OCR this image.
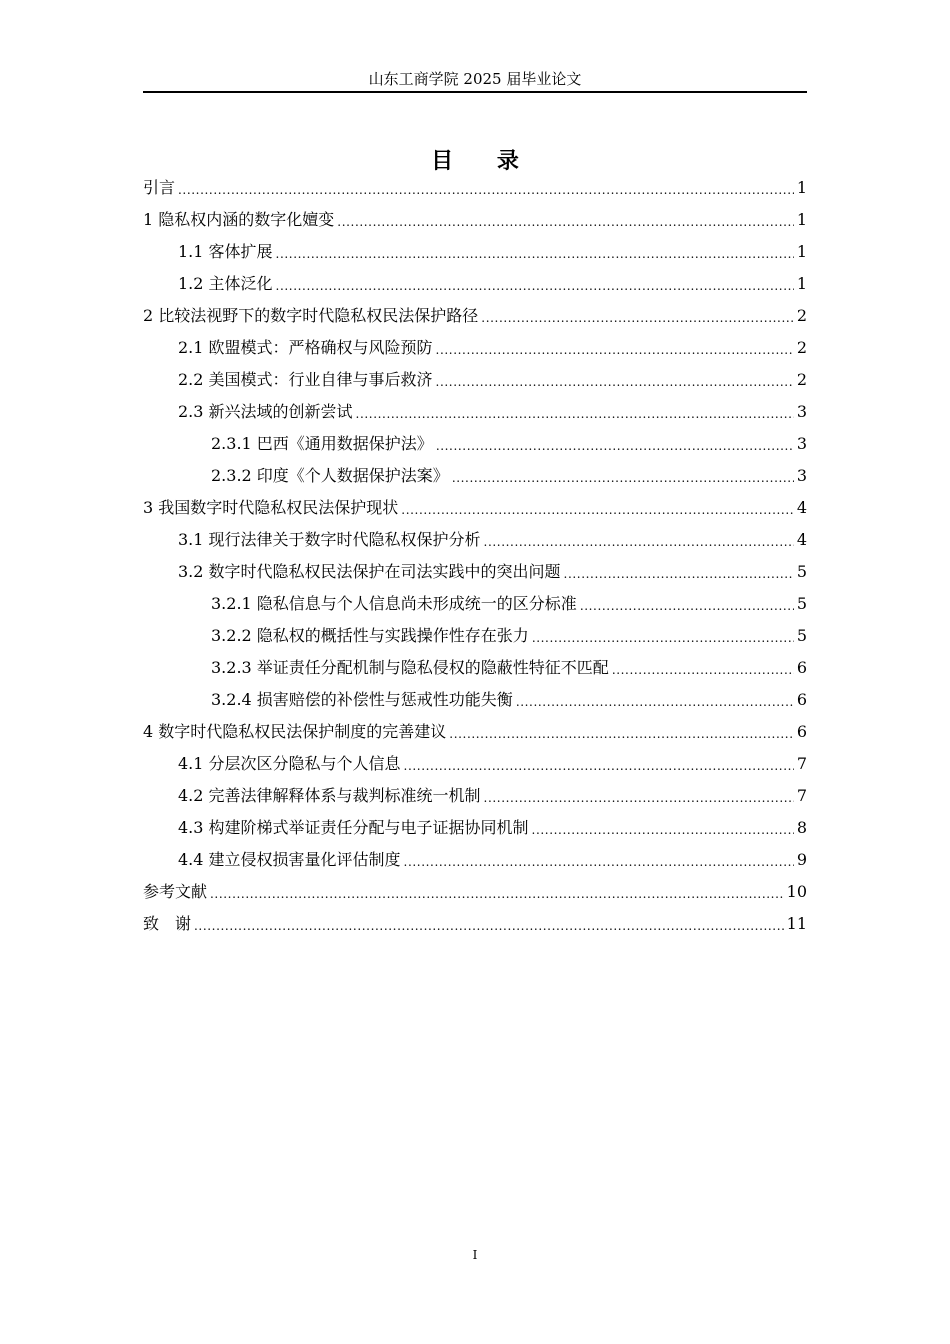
山东工商学院 2025 届毕业论文
目 录
引言 .....	1
1 隐私权内涵的数字化嬗变 .....	1
1.1 客体扩展 .....	1
1.2 主体泛化 .....	1
2 比较法视野下的数字时代隐私权民法保护路径 .....	2
2.1 欧盟模式：严格确权与风险预防 .....	2
2.2 美国模式：行业自律与事后救济 .....	2
2.3 新兴法域的创新尝试 .....	3
2.3.1 巴西《通用数据保护法》 .....	3
2.3.2 印度《个人数据保护法案》 .....	3
3 我国数字时代隐私权民法保护现状 .....	4
3.1 现行法律关于数字时代隐私权保护分析 .....	4
3.2 数字时代隐私权民法保护在司法实践中的突出问题 .....	5
3.2.1 隐私信息与个人信息尚未形成统一的区分标准 .....	5
3.2.2 隐私权的概括性与实践操作性存在张力 .....	5
3.2.3 举证责任分配机制与隐私侵权的隐蔽性特征不匹配 .....	6
3.2.4 损害赔偿的补偿性与惩戒性功能失衡 .....	6
4 数字时代隐私权民法保护制度的完善建议 .....	6
4.1 分层次区分隐私与个人信息 .....	7
4.2 完善法律解释体系与裁判标准统一机制 .....	7
4.3 构建阶梯式举证责任分配与电子证据协同机制 .....	8
4.4 建立侵权损害量化评估制度 .....	9
参考文献 .....	10
致　谢 .....	11
I
